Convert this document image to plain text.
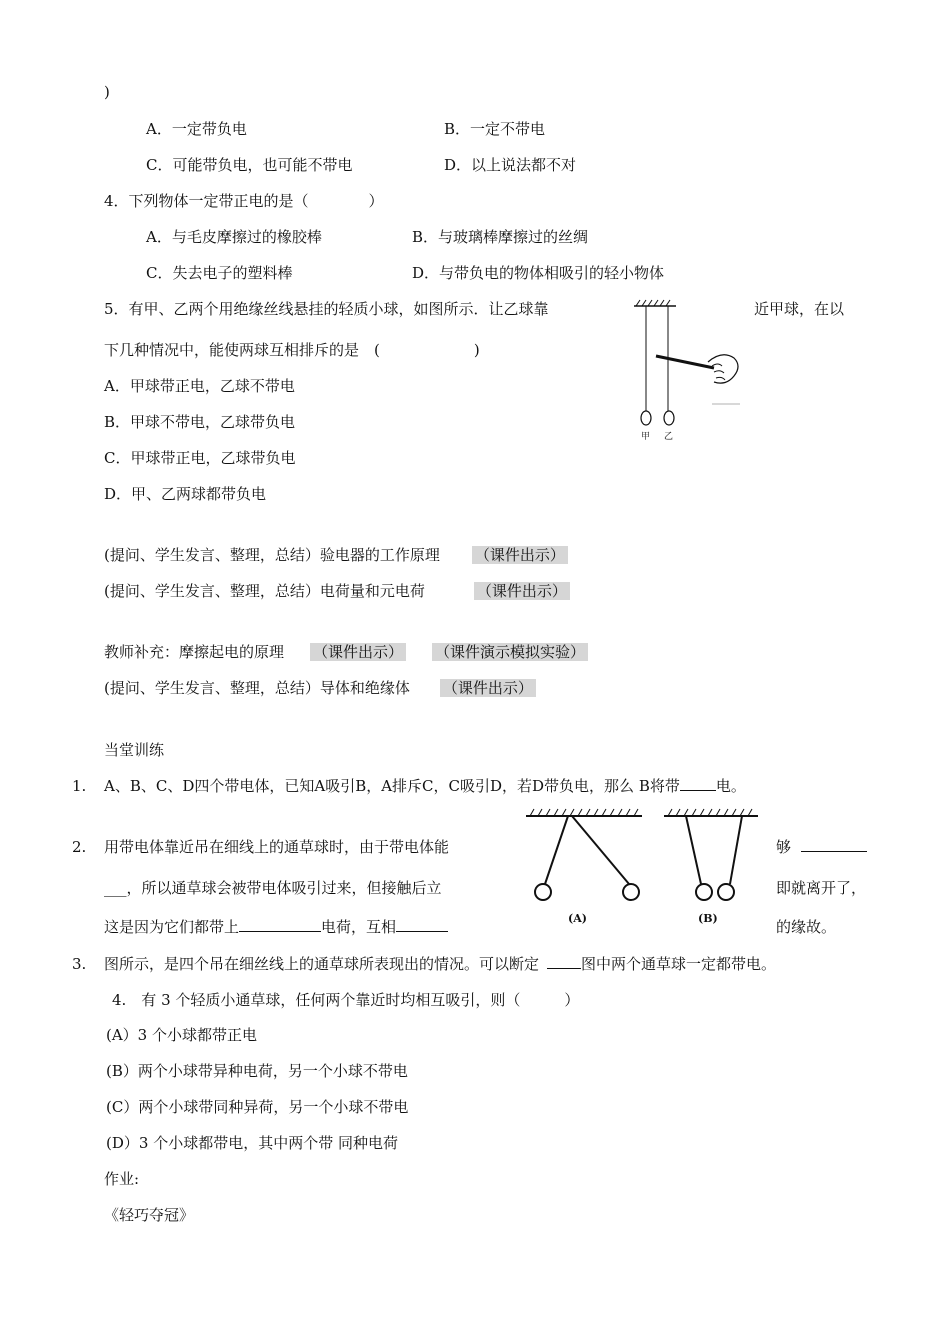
)
A．一定带负电	B．一定不带电
C．可能带负电，也可能不带电	D．以上说法都不对
4．下列物体一定带正电的是（	）
A．与毛皮摩擦过的橡胶棒	B．与玻璃棒摩擦过的丝绸
C．失去电子的塑料棒	D．与带负电的物体相吸引的轻小物体
5．有甲、乙两个用绝缘丝线悬挂的轻质小球，如图所示．让乙球靠	近甲球，在以
下几种情况中，能使两球互相排斥的是　(	)
A．甲球带正电，乙球不带电
B．甲球不带电，乙球带负电
C．甲球带正电，乙球带负电
D．甲、乙两球都带负电
甲 乙
(提问、学生发言、整理，总结）验电器的工作原理 （课件出示）
(提问、学生发言、整理，总结）电荷量和元电荷	（课件出示）
教师补充：摩擦起电的原理 （课件出示） （课件演示模拟实验）
(提问、学生发言、整理，总结）导体和绝缘体 （课件出示）
当堂训练
1. A、B、C、D四个带电体，已知A吸引B，A排斥C，C吸引D，若D带负电，那么 B将带 电。
2. 用带电体靠近吊在细线上的通草球时，由于带电体能	够
___，所以通草球会被带电体吸引过来，但接触后立	即就离开了，
这是因为它们都带上	电荷，互相	的缘故。
(A)	(B)
3. 图所示，是四个吊在细丝线上的通草球所表现出的情况。可以断定	图中两个通草球一定都带电。
4.　有 3 个轻质小通草球，任何两个靠近时均相互吸引，则（	）
(A）3 个小球都带正电
(B）两个小球带异种电荷，另一个小球不带电
(C）两个小球带同种异荷，另一个小球不带电
(D）3 个小球都带电，其中两个带 同种电荷
作业:
《轻巧夺冠》
